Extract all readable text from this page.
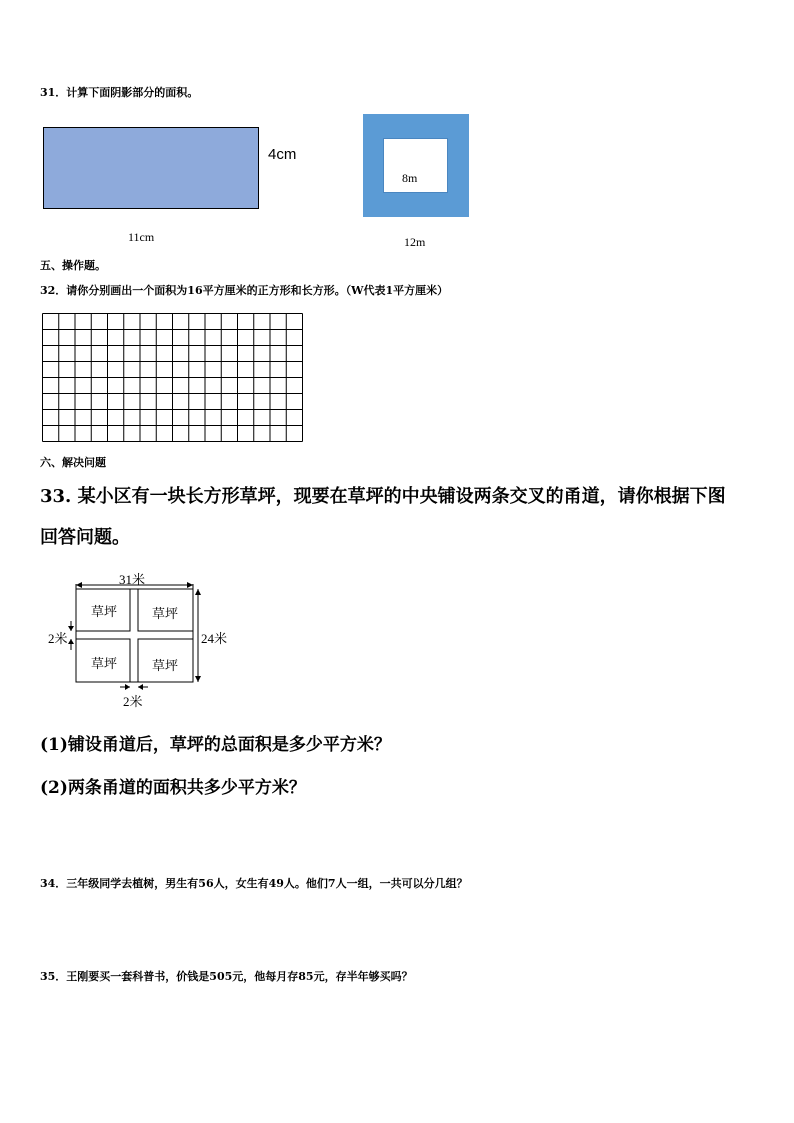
31．计算下面阴影部分的面积。
4cm
11cm
8m
12m
五、操作题。
32．请你分别画出一个面积为16平方厘米的正方形和长方形。（W代表1平方厘米）
六、解决问题
33. 某小区有一块长方形草坪，现要在草坪的中央铺设两条交叉的甬道，请你根据下图
回答问题。
31米
24米
2米
2米
草坪	草坪
草坪	草坪
(1)铺设甬道后，草坪的总面积是多少平方米？
(2)两条甬道的面积共多少平方米？
34．三年级同学去植树，男生有56人，女生有49人。他们7人一组，一共可以分几组？
35．王刚要买一套科普书，价钱是505元，他每月存85元，存半年够买吗？
